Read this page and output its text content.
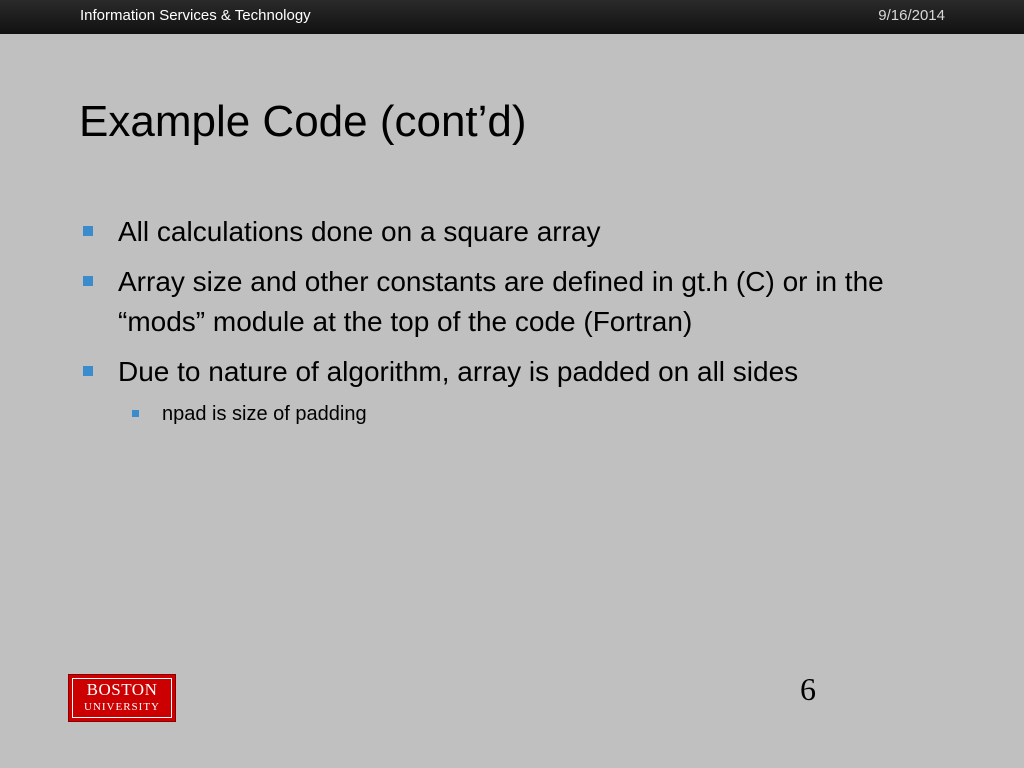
Information Services & Technology	9/16/2014
Example Code (cont’d)
All calculations done on a square array
Array size and other constants are defined in gt.h (C) or in the “mods” module at the top of the code (Fortran)
Due to nature of algorithm, array is padded on all sides
npad is size of padding
BOSTON
UNIVERSITY	6
